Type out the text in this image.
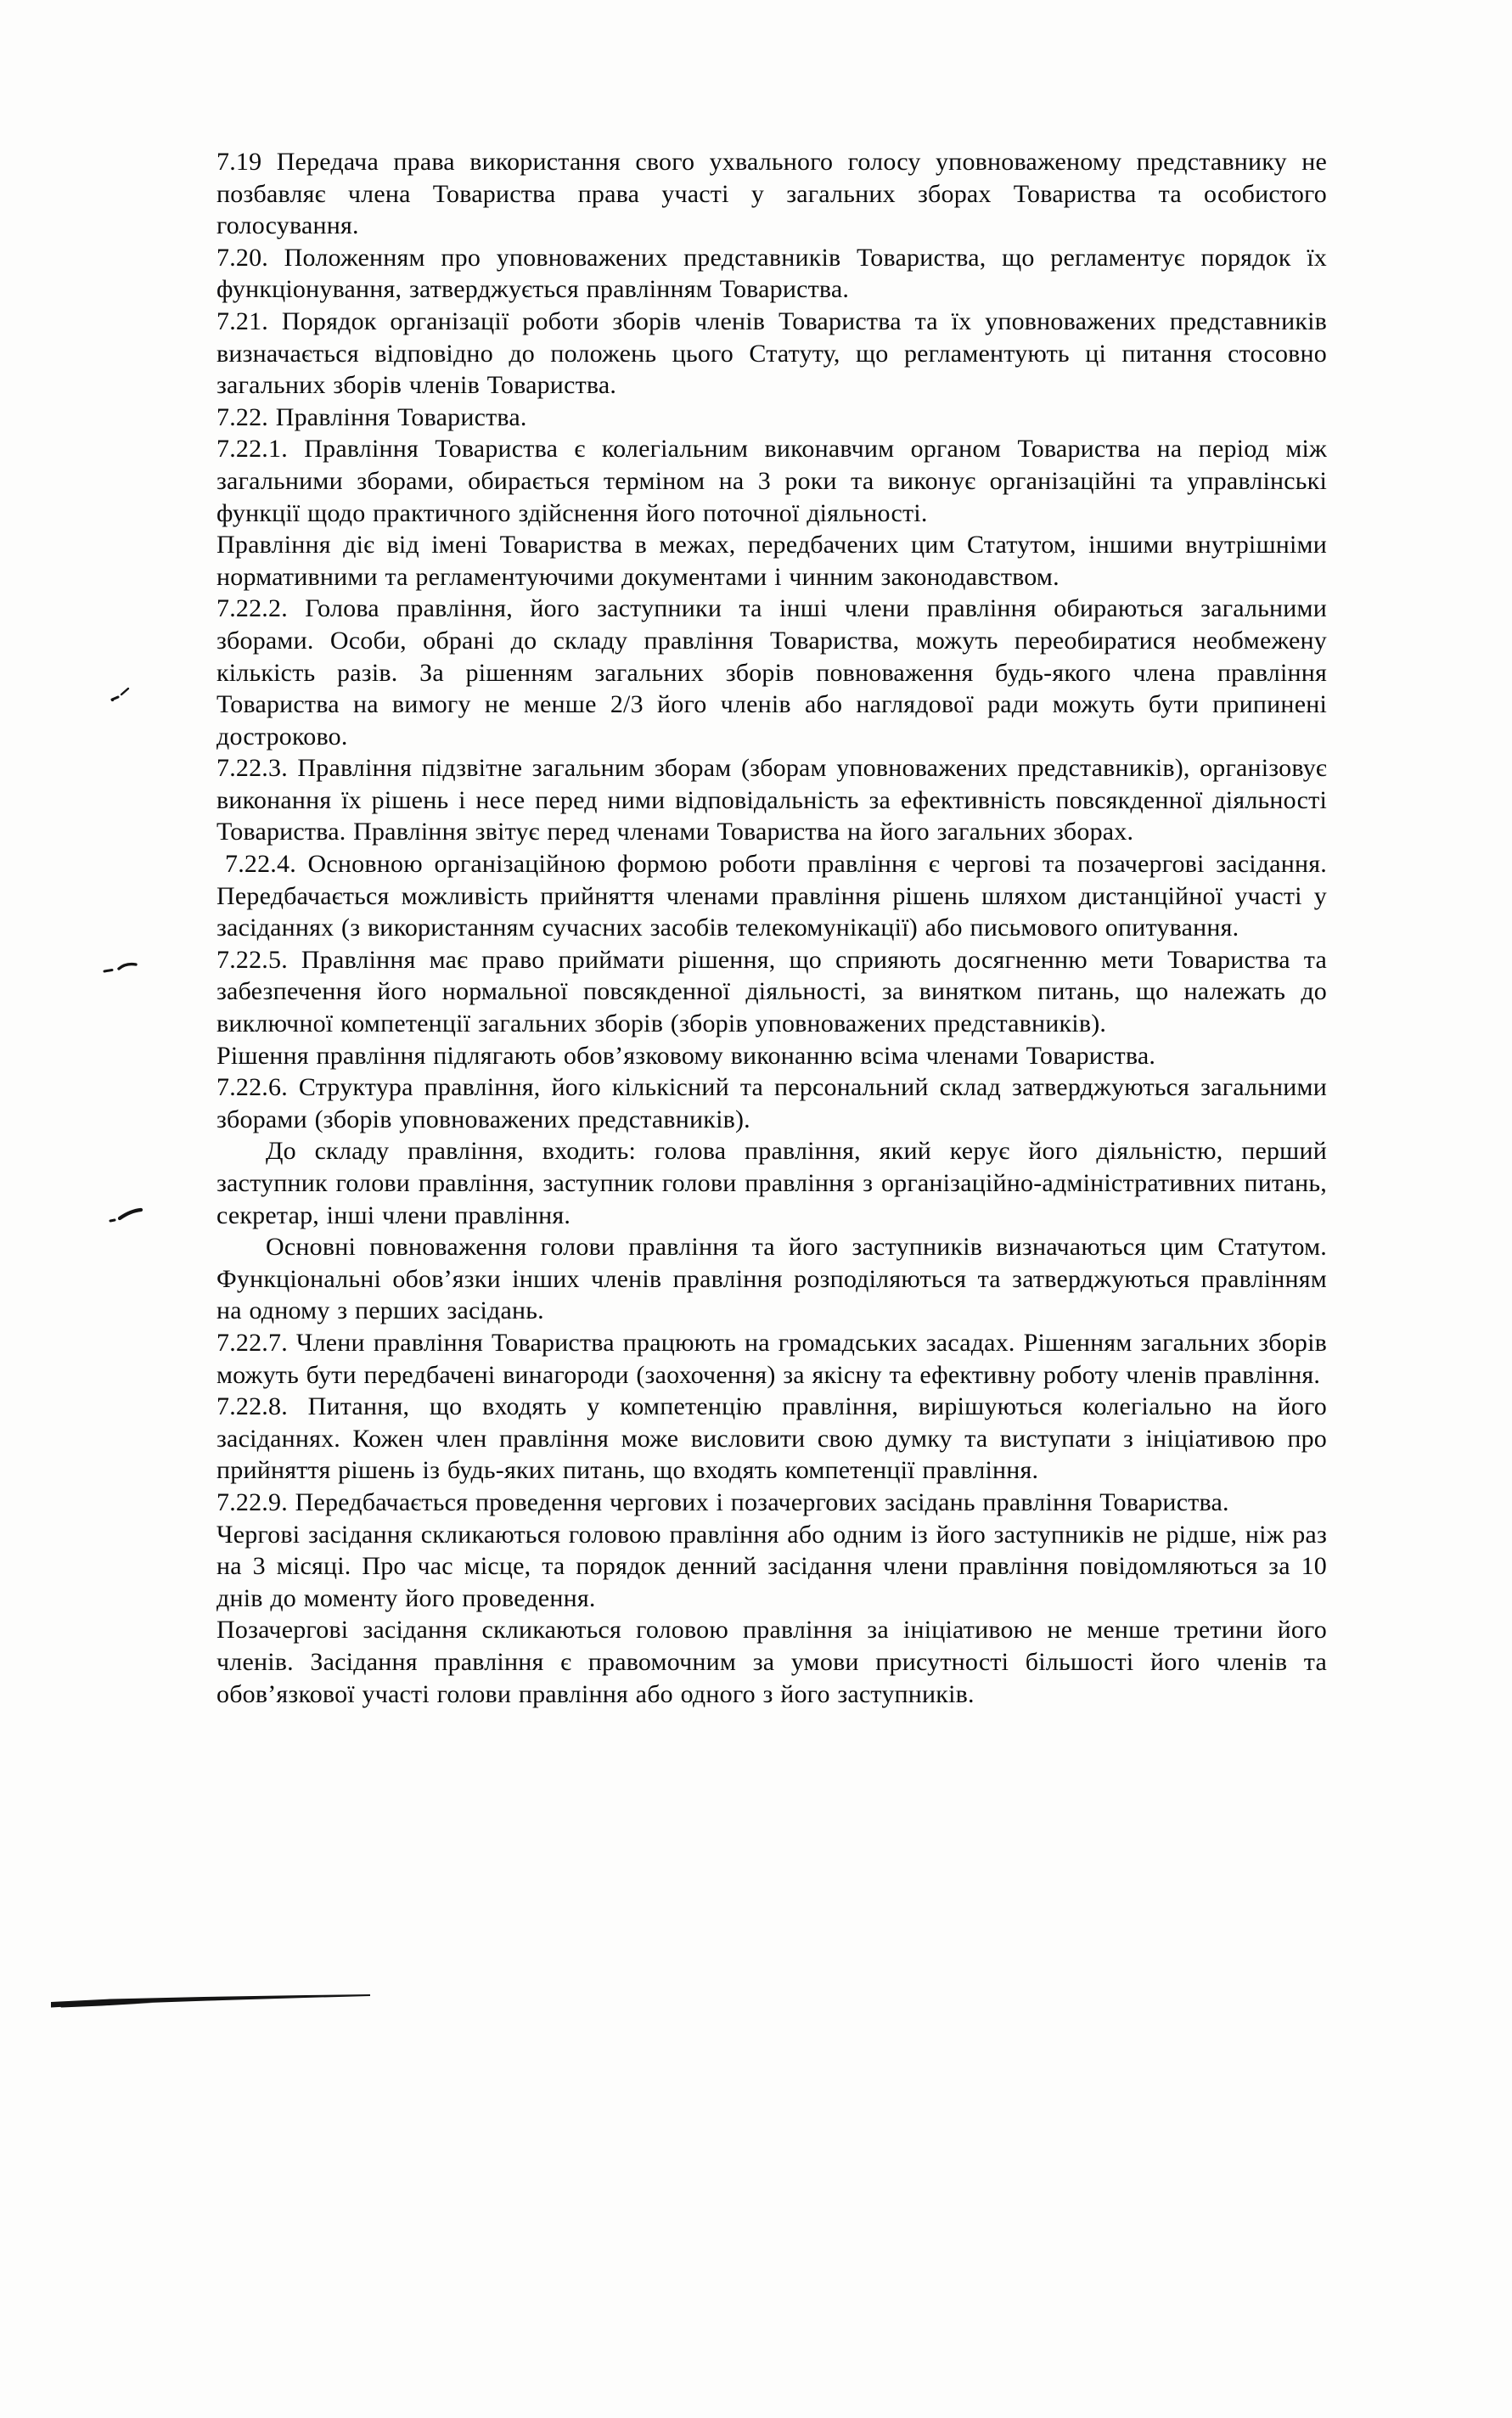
7.19 Передача права використання свого ухвального голосу уповноваженому представнику не позбавляє члена Товариства права участі у загальних зборах Товариства та особистого голосування.

7.20. Положенням про уповноважених представників Товариства, що регламентує порядок їх функціонування, затверджується правлінням Товариства.

7.21. Порядок організації роботи зборів членів Товариства та їх уповноважених представників визначається відповідно до положень цього Статуту, що регламентують ці питання стосовно загальних зборів членів Товариства.

7.22. Правління Товариства.

7.22.1. Правління Товариства є колегіальним виконавчим органом Товариства на період між загальними зборами, обирається терміном на 3 роки та виконує організаційні та управлінські функції щодо практичного здійснення його поточної діяльності.

Правління діє від імені Товариства в межах, передбачених цим Статутом, іншими внутрішніми нормативними та регламентуючими документами і чинним законодавством.

7.22.2. Голова правління, його заступники та інші члени правління обираються загальними зборами. Особи, обрані до складу правління Товариства, можуть переобиратися необмежену кількість разів. За рішенням загальних зборів повноваження будь-якого члена правління Товариства на вимогу не менше 2/3 його членів або наглядової ради можуть бути припинені достроково.

7.22.3. Правління підзвітне загальним зборам (зборам уповноважених представників), організовує виконання їх рішень і несе перед ними відповідальність за ефективність повсякденної діяльності Товариства. Правління звітує перед членами Товариства на його загальних зборах.

7.22.4. Основною організаційною формою роботи правління є чергові та позачергові засідання. Передбачається можливість прийняття членами правління рішень шляхом дистанційної участі у засіданнях (з використанням сучасних засобів телекомунікації) або письмового опитування.

7.22.5. Правління має право приймати рішення, що сприяють досягненню мети Товариства та забезпечення його нормальної повсякденної діяльності, за винятком питань, що належать до виключної компетенції загальних зборів (зборів уповноважених представників).

Рішення правління підлягають обов’язковому виконанню всіма членами Товариства.

7.22.6. Структура правління, його кількісний та персональний склад затверджуються загальними зборами (зборів уповноважених представників).

До складу правління, входить: голова правління, який керує його діяльністю, перший заступник голови правління, заступник голови правління з організаційно-адміністративних питань, секретар, інші члени правління.

Основні повноваження голови правління та його заступників визначаються цим Статутом. Функціональні обов’язки інших членів правління розподіляються та затверджуються правлінням на одному з перших засідань.

7.22.7. Члени правління Товариства працюють на громадських засадах. Рішенням загальних зборів можуть бути передбачені винагороди (заохочення) за якісну та ефективну роботу членів правління.

7.22.8. Питання, що входять у компетенцію правління, вирішуються колегіально на його засіданнях. Кожен член правління може висловити свою думку та виступати з ініціативою про прийняття рішень із будь-яких питань, що входять компетенції правління.

7.22.9. Передбачається проведення чергових і позачергових засідань правління Товариства.

Чергові засідання скликаються головою правління або одним із його заступників не рідше, ніж раз на 3 місяці. Про час місце, та порядок денний засідання члени правління повідомляються за 10 днів до моменту його проведення.

Позачергові засідання скликаються головою правління за ініціативою не менше третини його членів. Засідання правління є правомочним за умови присутності більшості його членів та обов’язкової участі голови правління або одного з його заступників.
